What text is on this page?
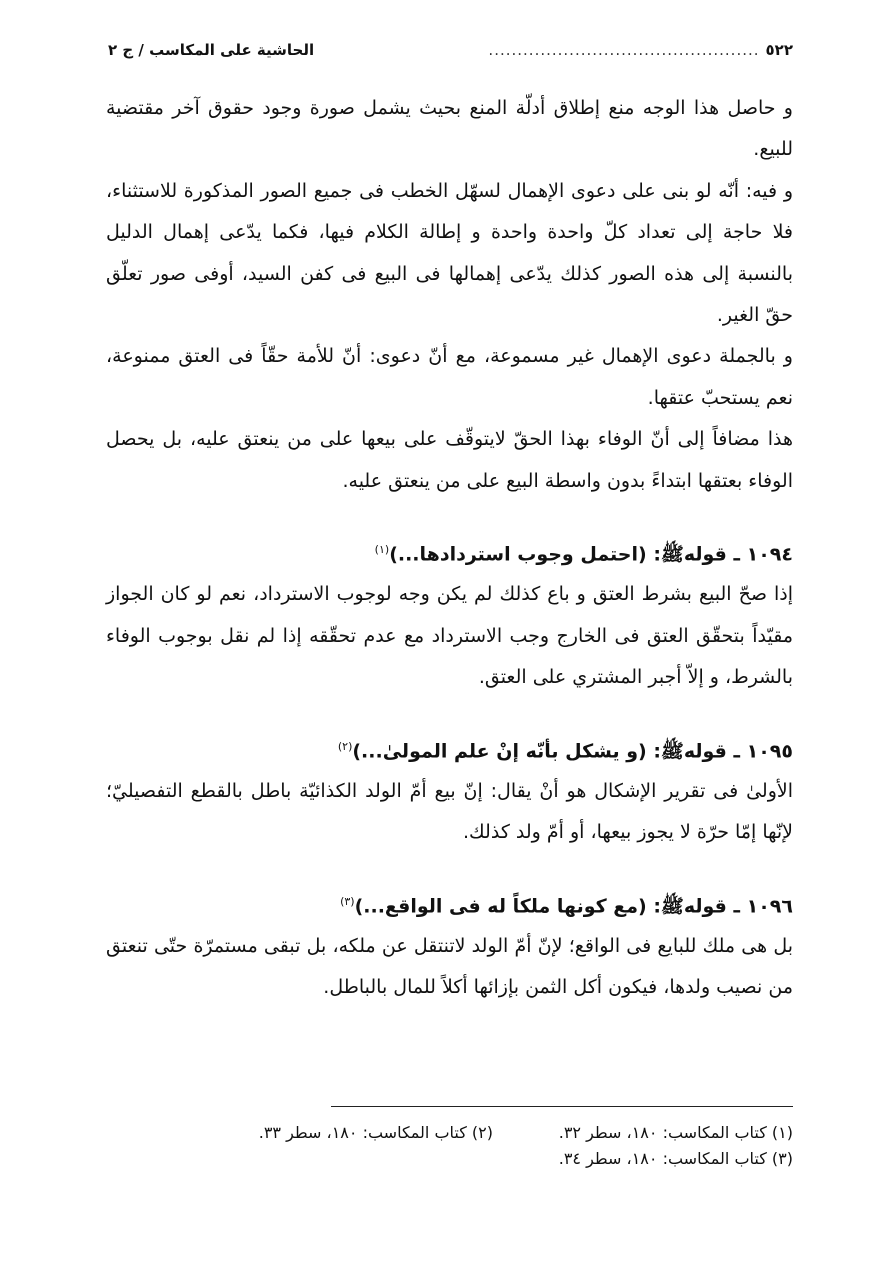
٥٢٢
...............................................
الحاشية على المكاسب / ج ٢

و حاصل هذا الوجه منع إطلاق أدلّة المنع بحيث يشمل صورة وجود حقوق آخر مقتضية للبيع.

و فيه: أنّه لو بنى على دعوى الإهمال لسهّل الخطب فى جميع الصور المذكورة للاستثناء، فلا حاجة إلى تعداد كلّ واحدة واحدة و إطالة الكلام فيها، فكما يدّعى إهمال الدليل بالنسبة إلى هذه الصور كذلك يدّعى إهمالها فى البيع فى كفن السيد، أوفى صور تعلّق حقّ الغير.

و بالجملة دعوى الإهمال غير مسموعة، مع أنّ دعوى: أنّ للأمة حقّاً فى العتق ممنوعة، نعم يستحبّ عتقها.

هذا مضافاً إلى أنّ الوفاء بهذا الحقّ لايتوقّف على بيعها على من ينعتق عليه، بل يحصل الوفاء بعتقها ابتداءً بدون واسطة البيع على من ينعتق عليه.

١٠٩٤ ـ قوله‌ﷺ: (احتمل وجوب استردادها...)$^{(١)}$

إذا صحّ البيع بشرط العتق و باع كذلك لم يكن وجه لوجوب الاسترداد، نعم لو كان الجواز مقيّداً بتحقّق العتق فى الخارج وجب الاسترداد مع عدم تحقّقه إذا لم نقل بوجوب الوفاء بالشرط، و إلاّ أجبر المشتري على العتق.

١٠٩٥ ـ قوله‌ﷺ: (و يشكل بأنّه إنْ علم المولىٰ...)$^{(٢)}$

الأولىٰ فى تقرير الإشكال هو أنْ يقال: إنّ بيع أمّ الولد الكذائيّة باطل بالقطع التفصيليّ؛ لإنّها إمّا حرّة لا يجوز بيعها، أو أمّ ولد كذلك.

١٠٩٦ ـ قوله‌ﷺ: (مع كونها ملكاً له فى الواقع...)$^{(٣)}$

بل هى ملك للبايع فى الواقع؛ لإنّ أمّ الولد لاتنتقل عن ملكه، بل تبقى مستمرّة حتّى تنعتق من نصيب ولدها، فيكون أكل الثمن بإزائها أكلاً للمال بالباطل.

(١) كتاب المكاسب: ١٨٠، سطر ٣٢.
(٢) كتاب المكاسب: ١٨٠، سطر ٣٣.
(٣) كتاب المكاسب: ١٨٠، سطر ٣٤.
